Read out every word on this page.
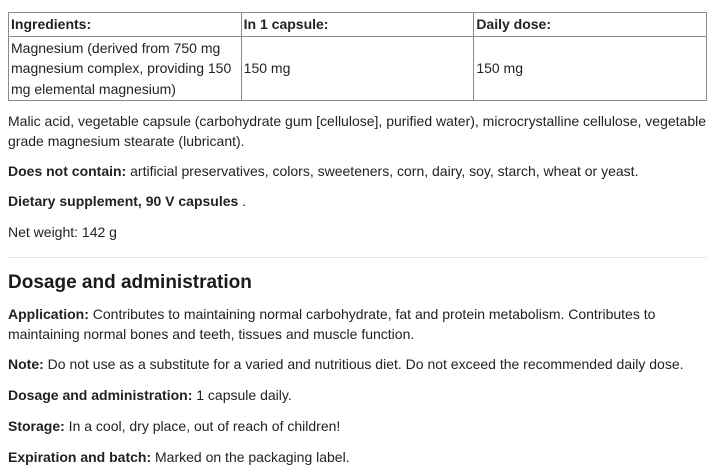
Ingredients:	In 1 capsule:	Daily dose:
Magnesium (derived from 750 mg magnesium complex, providing 150 mg elemental magnesium)	150 mg	150 mg

Malic acid, vegetable capsule (carbohydrate gum [cellulose], purified water), microcrystalline cellulose, vegetable grade magnesium stearate (lubricant).

Does not contain: artificial preservatives, colors, sweeteners, corn, dairy, soy, starch, wheat or yeast.

Dietary supplement, 90 V capsules .

Net weight: 142 g

Dosage and administration

Application: Contributes to maintaining normal carbohydrate, fat and protein metabolism. Contributes to maintaining normal bones and teeth, tissues and muscle function.

Note: Do not use as a substitute for a varied and nutritious diet. Do not exceed the recommended daily dose.

Dosage and administration: 1 capsule daily.

Storage: In a cool, dry place, out of reach of children!

Expiration and batch: Marked on the packaging label.
